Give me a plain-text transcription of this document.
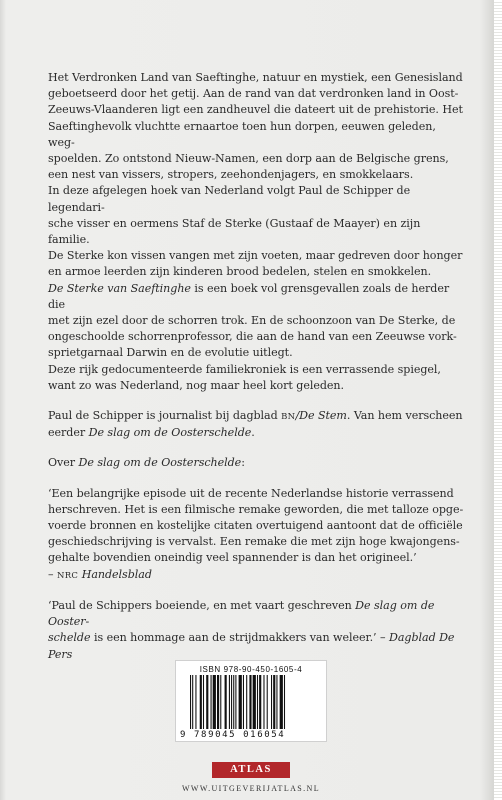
Het Verdronken Land van Saeftinghe, natuur en mystiek, een Genesisland
geboetseerd door het getij. Aan de rand van dat verdronken land in Oost-
Zeeuws-Vlaanderen ligt een zandheuvel die dateert uit de prehistorie. Het
Saeftinghevolk vluchtte ernaartoe toen hun dorpen, eeuwen geleden, weg-
spoelden. Zo ontstond Nieuw-Namen, een dorp aan de Belgische grens,
een nest van vissers, stropers, zeehondenjagers, en smokkelaars.

In deze afgelegen hoek van Nederland volgt Paul de Schipper de legendari-
sche visser en oermens Staf de Sterke (Gustaaf de Maayer) en zijn familie.
De Sterke kon vissen vangen met zijn voeten, maar gedreven door honger
en armoe leerden zijn kinderen brood bedelen, stelen en smokkelen.

De Sterke van Saeftinghe is een boek vol grensgevallen zoals de herder die
met zijn ezel door de schorren trok. En de schoonzoon van De Sterke, de
ongeschoolde schorrenprofessor, die aan de hand van een Zeeuwse vork-
sprietgarnaal Darwin en de evolutie uitlegt.

Deze rijk gedocumenteerde familiekroniek is een verrassende spiegel,
want zo was Nederland, nog maar heel kort geleden.

Paul de Schipper is journalist bij dagblad BN/De Stem. Van hem verscheen
eerder De slag om de Oosterschelde.

Over De slag om de Oosterschelde:

‘Een belangrijke episode uit de recente Nederlandse historie verrassend
herschreven. Het is een filmische remake geworden, die met talloze opge-
voerde bronnen en kostelijke citaten overtuigend aantoont dat de officiële
geschiedschrijving is vervalst. Een remake die met zijn hoge kwajongens-
gehalte bovendien oneindig veel spannender is dan het origineel.’
– NRC Handelsblad

‘Paul de Schippers boeiende, en met vaart geschreven De slag om de Ooster-
schelde is een hommage aan de strijdmakkers van weleer.’ – Dagblad De Pers

ISBN 978-90-450-1605-4
9 789045 016054
ATLAS
WWW.UITGEVERIJATLAS.NL
